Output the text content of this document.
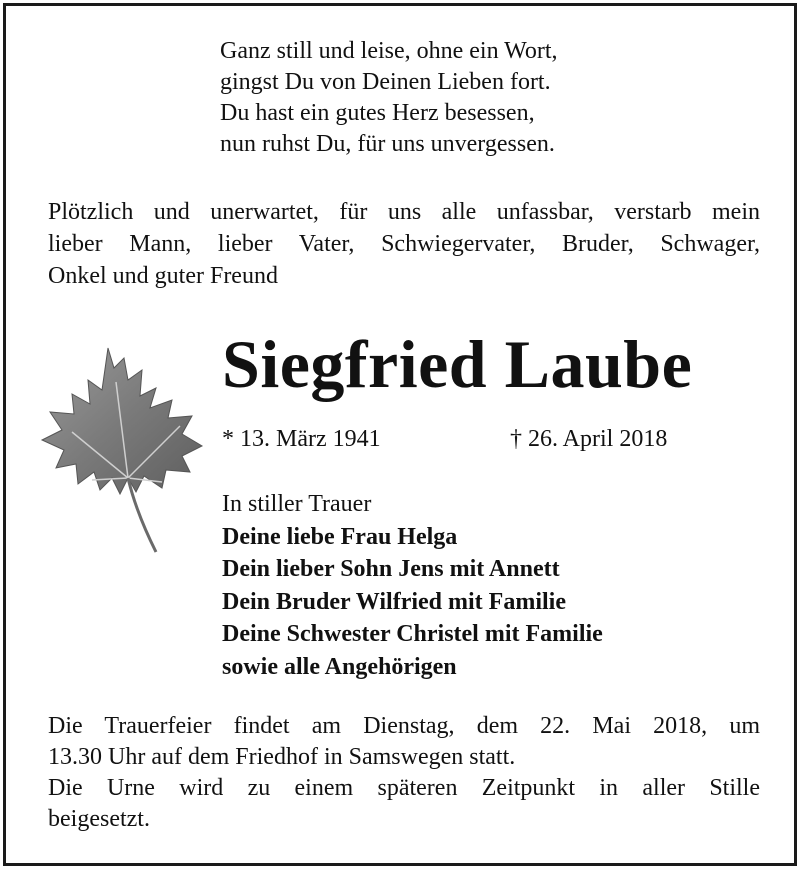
Ganz still und leise, ohne ein Wort,
gingst Du von Deinen Lieben fort.
Du hast ein gutes Herz besessen,
nun ruhst Du, für uns unvergessen.
Plötzlich und unerwartet, für uns alle unfassbar, verstarb mein
lieber Mann, lieber Vater, Schwiegervater, Bruder, Schwager,
Onkel und guter Freund
Siegfried Laube
* 13. März 1941	† 26. April 2018
In stiller Trauer
Deine liebe Frau Helga
Dein lieber Sohn Jens mit Annett
Dein Bruder Wilfried mit Familie
Deine Schwester Christel mit Familie
sowie alle Angehörigen
Die Trauerfeier findet am Dienstag, dem 22. Mai 2018, um
13.30 Uhr auf dem Friedhof in Samswegen statt.
Die Urne wird zu einem späteren Zeitpunkt in aller Stille
beigesetzt.
